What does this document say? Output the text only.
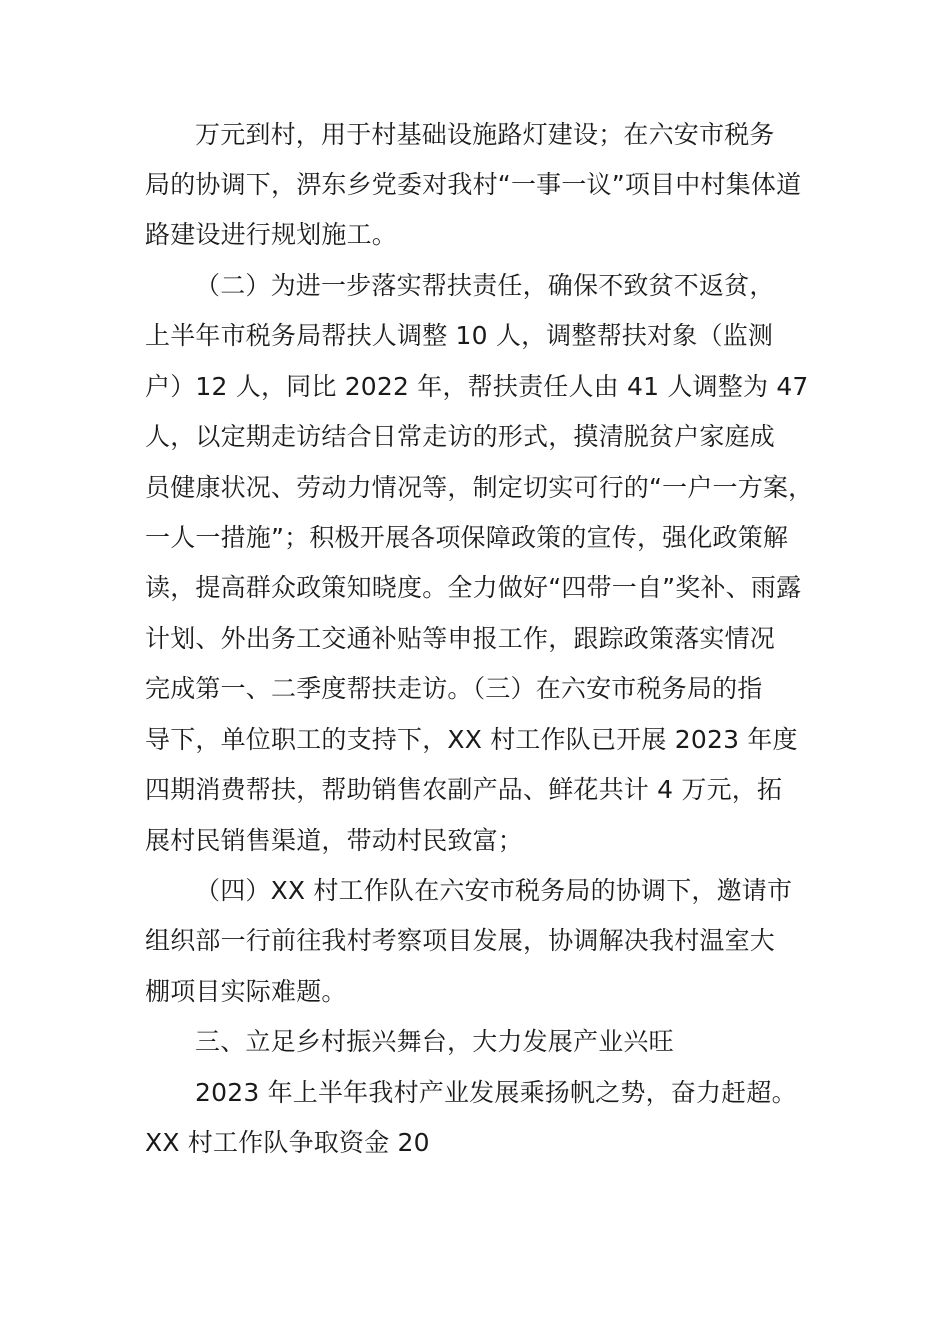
万元到村，用于村基础设施路灯建设；在六安市税务
局的协调下，淠东乡党委对我村“一事一议”项目中村集体道
路建设进行规划施工。
（二）为进一步落实帮扶责任，确保不致贫不返贫，
上半年市税务局帮扶人调整 10 人，调整帮扶对象（监测
户）12 人，同比 2022 年，帮扶责任人由 41 人调整为 47
人，以定期走访结合日常走访的形式，摸清脱贫户家庭成
员健康状况、劳动力情况等，制定切实可行的“一户一方案，
一人一措施”；积极开展各项保障政策的宣传，强化政策解
读，提高群众政策知晓度。全力做好“四带一自”奖补、雨露
计划、外出务工交通补贴等申报工作，跟踪政策落实情况
完成第一、二季度帮扶走访。（三）在六安市税务局的指
导下，单位职工的支持下，XX 村工作队已开展 2023 年度
四期消费帮扶，帮助销售农副产品、鲜花共计 4 万元，拓
展村民销售渠道，带动村民致富；
（四）XX 村工作队在六安市税务局的协调下，邀请市
组织部一行前往我村考察项目发展，协调解决我村温室大
棚项目实际难题。
三、立足乡村振兴舞台，大力发展产业兴旺
2023 年上半年我村产业发展乘扬帆之势，奋力赶超。
XX 村工作队争取资金 20
